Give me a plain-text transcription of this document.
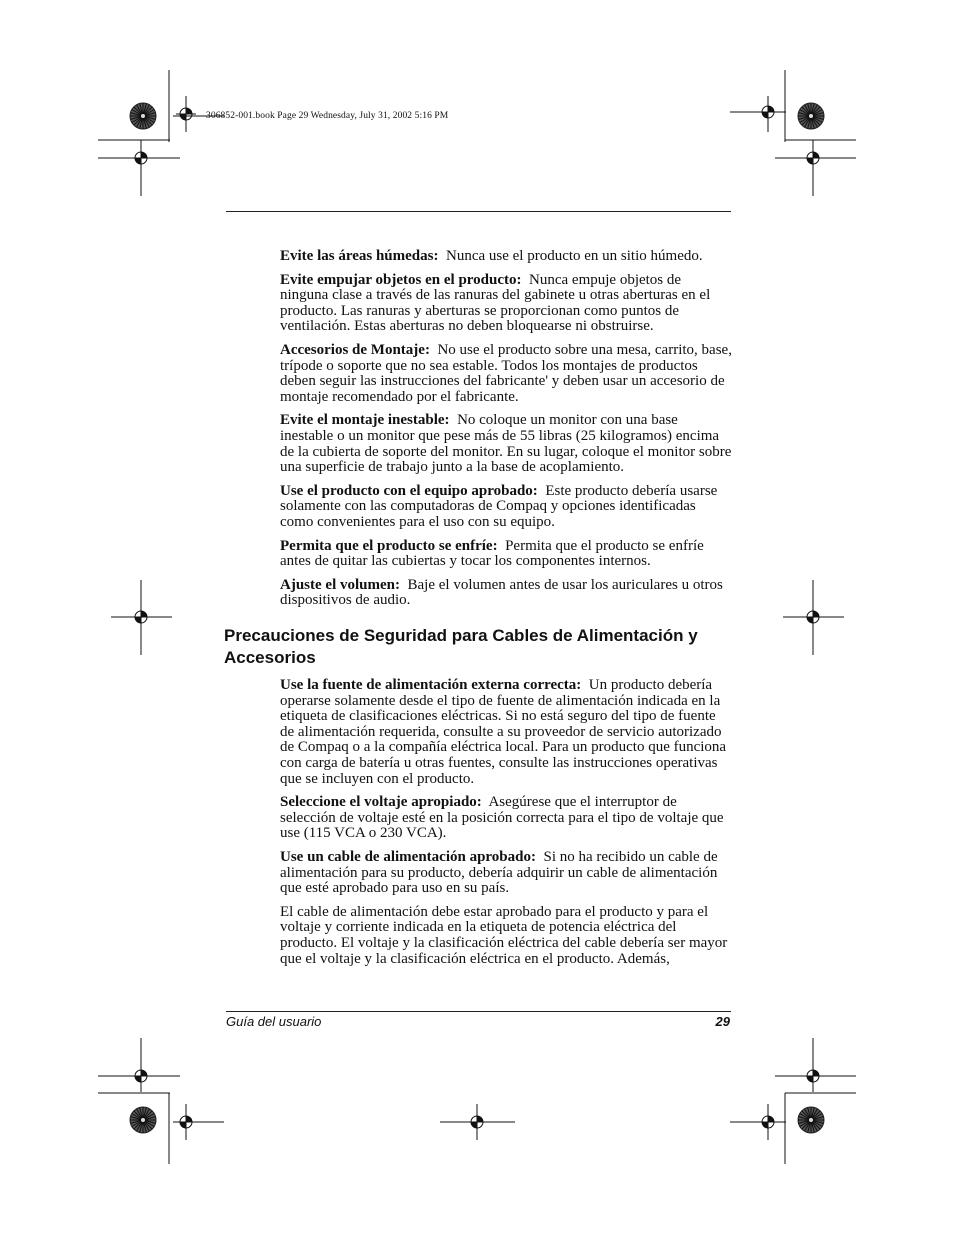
306852-001.book Page 29 Wednesday, July 31, 2002 5:16 PM

Evite las áreas húmedas: Nunca use el producto en un sitio húmedo.

Evite empujar objetos en el producto: Nunca empuje objetos de ninguna clase a través de las ranuras del gabinete u otras aberturas en el producto. Las ranuras y aberturas se proporcionan como puntos de ventilación. Estas aberturas no deben bloquearse ni obstruirse.

Accesorios de Montaje: No use el producto sobre una mesa, carrito, base, trípode o soporte que no sea estable. Todos los montajes de productos deben seguir las instrucciones del fabricante' y deben usar un accesorio de montaje recomendado por el fabricante.

Evite el montaje inestable: No coloque un monitor con una base inestable o un monitor que pese más de 55 libras (25 kilogramos) encima de la cubierta de soporte del monitor. En su lugar, coloque el monitor sobre una superficie de trabajo junto a la base de acoplamiento.

Use el producto con el equipo aprobado: Este producto debería usarse solamente con las computadoras de Compaq y opciones identificadas como convenientes para el uso con su equipo.

Permita que el producto se enfríe: Permita que el producto se enfríe antes de quitar las cubiertas y tocar los componentes internos.

Ajuste el volumen: Baje el volumen antes de usar los auriculares u otros dispositivos de audio.

Precauciones de Seguridad para Cables de Alimentación y Accesorios

Use la fuente de alimentación externa correcta: Un producto debería operarse solamente desde el tipo de fuente de alimentación indicada en la etiqueta de clasificaciones eléctricas. Si no está seguro del tipo de fuente de alimentación requerida, consulte a su proveedor de servicio autorizado de Compaq o a la compañía eléctrica local. Para un producto que funciona con carga de batería u otras fuentes, consulte las instrucciones operativas que se incluyen con el producto.

Seleccione el voltaje apropiado: Asegúrese que el interruptor de selección de voltaje esté en la posición correcta para el tipo de voltaje que use (115 VCA o 230 VCA).

Use un cable de alimentación aprobado: Si no ha recibido un cable de alimentación para su producto, debería adquirir un cable de alimentación que esté aprobado para uso en su país.

El cable de alimentación debe estar aprobado para el producto y para el voltaje y corriente indicada en la etiqueta de potencia eléctrica del producto. El voltaje y la clasificación eléctrica del cable debería ser mayor que el voltaje y la clasificación eléctrica en el producto. Además,

Guía del usuario	29
